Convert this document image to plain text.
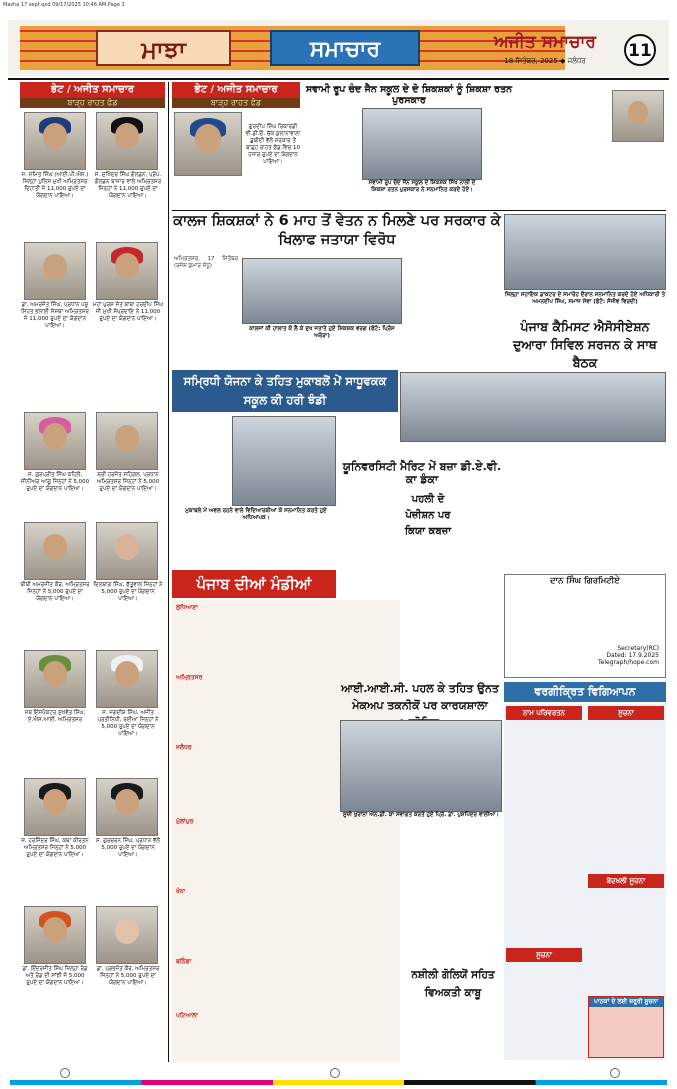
Mazha 17 sept.qxd 09/17/2025 10:46 AM Page 1
ਮਾਝਾ	ਸਮਾਚਾਰ	ਅਜੀਤ ਸਮਾਚਾਰ
18 ਸਿਤੰਬਰ, 2025 ◆ ਜਲੰਧਰ	11
ਭੇਟ / ਅਜੀਤ ਸਮਾਚਾਰ
ਬਾੜ੍ਹ ਰਾਹਤ ਫੰਡ
ਸ. ਸਮਿਤ ਸਿੰਘ (ਆਈ.ਪੀ.ਐਸ.) ਜ਼ਿਲ੍ਹਾ ਪੁਲਿਸ ਮੁਖੀ ਅਮ੍ਰਿਤਸਰ ਦਿਹਾਤੀ ਜੋ 11,000 ਰੁਪਏ ਦਾ ਯੋਗਦਾਨ ਪਾਇਆ।
ਸ. ਸੁਖਿੰਦਰ ਸਿੰਘ ਗੋਲਡਨ, ਪ੍ਰੋਪ. ਗੋਲਡਨ ਬਾਜ਼ਾਰ ਵਾਲੇ ਅਮ੍ਰਿਤਸਰ ਜਿਨ੍ਹਾਂ ਨੇ 11,000 ਰੁਪਏ ਦਾ ਯੋਗਦਾਨ ਪਾਇਆ।
ਡਾ. ਅਮਰਜੋਤ ਸਿੰਘ, ਪ੍ਰਧਾਨ ਪਸ਼ੂ ਸਿਹਤ ਭਲਾਈ ਸੰਸਥਾ ਅਮ੍ਰਿਤਸਰ ਜੋ 11,000 ਰੁਪਏ ਦਾ ਯੋਗਦਾਨ ਪਾਇਆ।
ਮਹਾਂ ਪੁਰਸ਼ ਸੰਤ ਬਾਬਾ ਹਰਦੀਪ ਸਿੰਘ ਜੀ ਮੁਖੀ ਸੰਪ੍ਰਦਾਇ ਨੇ 11,000 ਰੁਪਏ ਦਾ ਯੋਗਦਾਨ ਪਾਇਆ।
ਸ. ਗੁਰਪ੍ਰੀਤ ਸਿੰਘ ਕਹਿਲੋਂ, ਸੀਨੀਅਰ ਆਗੂ ਜਿਨ੍ਹਾਂ ਨੇ 5,000 ਰੁਪਏ ਦਾ ਯੋਗਦਾਨ ਪਾਇਆ।
ਸ਼੍ਰੀ ਹਰਜੋਤ ਸਹਿਗਲ, ਪ੍ਰਧਾਨ ਅਮ੍ਰਿਤਸਰ ਜਿਨ੍ਹਾਂ ਨੇ 5,000 ਰੁਪਏ ਦਾ ਯੋਗਦਾਨ ਪਾਇਆ।
ਬੀਬੀ ਅਮਰਜੀਤ ਕੌਰ, ਅਮ੍ਰਿਤਸਰ ਜਿਨ੍ਹਾਂ ਨੇ 5,000 ਰੁਪਏ ਦਾ ਯੋਗਦਾਨ ਪਾਇਆ।
ਦਿਲਬਾਗ ਸਿੰਘ, ਫੱਤੂਵਾਲ ਜਿਨ੍ਹਾਂ ਨੇ 5,000 ਰੁਪਏ ਦਾ ਯੋਗਦਾਨ ਪਾਇਆ।
ਸਬ ਇੰਸਪੈਕਟਰ ਸੁਖਵੰਤ ਸਿੰਘ, ਏ.ਐਸ.ਆਈ. ਅਮ੍ਰਿਤਸਰ
ਸ. ਜਗਦੀਸ਼ ਸਿੰਘ, ਅਜੀਤ ਪ੍ਰਤੀਨਿਧੀ, ਰਈਆ ਜਿਨ੍ਹਾਂ ਨੇ 5,000 ਰੁਪਏ ਦਾ ਯੋਗਦਾਨ ਪਾਇਆ।
ਸ. ਹਰਜਿੰਦਰ ਸਿੰਘ, ਕਥਾ ਕੀਰਤਨ ਅਮ੍ਰਿਤਸਰ ਜਿਨ੍ਹਾਂ ਨੇ 5,000 ਰੁਪਏ ਦਾ ਯੋਗਦਾਨ ਪਾਇਆ।
ਸ. ਗੁਰਚਰਨ ਸਿੰਘ, ਪ੍ਰਧਾਨ ਵੱਲੋਂ 5,000 ਰੁਪਏ ਦਾ ਯੋਗਦਾਨ ਪਾਇਆ।
ਡਾ. ਇੰਦਰਜੀਤ ਸਿੰਘ ਜ਼ਿਲ੍ਹਾ ਰੋਡ ਅਤੇ ਰੋਡ ਦੀ ਸਾਂਝੀ ਜੋ 5,000 ਰੁਪਏ ਦਾ ਯੋਗਦਾਨ ਪਾਇਆ।
ਡਾ. ਪ੍ਰਭਜੋਤ ਕੌਰ, ਅਮ੍ਰਿਤਸਰ ਜਿਨ੍ਹਾਂ ਨੇ 5,000 ਰੁਪਏ ਦਾ ਯੋਗਦਾਨ ਪਾਇਆ।
ਭੇਟ / ਅਜੀਤ ਸਮਾਚਾਰ
ਬਾੜ੍ਹ ਰਾਹਤ ਫੰਡ
ਗੁਰਦੀਪ ਸਿੰਘ ਰਿਕਾਰਡੀ ਵੀ.ਡੀ.ਓ. ਚੱਕ ਕੁਲਾਨਾਵਾਲਾ ਡੁਬੀਦੀ ਵੱਲੋਂ ਸਰਕਾਰ ਤੋਂ ਬਾਡ਼੍ਹ ਰਾਹਤ ਫੰਡ ਵਿਚ 10 ਹਜ਼ਾਰ ਰੁਪਏ ਦਾ ਯੋਗਦਾਨ ਪਾਇਆ।
ਸਵਾਮੀ ਰੂਪ ਚੰਦ ਜੈਨ ਸਕੂਲ ਦੇ ਦੋ ਸ਼ਿਕਸ਼ਕਾਂ ਨੂੰ ਸ਼ਿਕਸ਼ਾ ਰਤਨ ਪੁਰਸਕਾਰ
ਸਵਾਮੀ ਰੂਪ ਚੰਦ ਜੈਨ ਸਕੂਲ ਦੇ ਸ਼ਿਕਸ਼ਕ ਸਿੱਖ ਨਾਲੀ ਦੇ ਸ਼ਿਕਸ਼ਾ ਰਤਨ ਪੁਰਸਕਾਰ ਨੇ ਸਨਮਾਨਿਤ ਕਰਦੇ ਹੋਏ।
ਕਾਲਜ ਸ਼ਿਕਸ਼ਕਾਂ ਨੇ 6 ਮਾਹ ਤੋਂ ਵੇਤਨ ਨ ਮਿਲਣੇ ਪਰ ਸਰਕਾਰ ਕੇ ਖਿਲਾਫ ਜਤਾਯਾ ਵਿਰੋਧ
ਅਮ੍ਰਿਤਸਰ, 17 ਸਿਤੰਬਰ (ਰਜੇਸ਼ ਕੁਮਾਰ ਸੰਧੂ)
ਕਾਲਜਾਂ ਕੀ ਹਾਲਾਤ ਕੋ ਲੈ ਕੇ ਦੁਖ ਜਤਾਤੇ ਹੁਏ ਸ਼ਿਕਸ਼ਕ ਵਰਗ (ਫੋਟੋ: ਪ੍ਰਿੰਸ ਅਰੋੜਾ)
ਜ਼ਿਲ੍ਹਾ ਸਹਾਇਕ ਡਾਕਟਰ ਦੇ ਸਮਾਰੋਹ ਦੌਰਾਨ ਸਨਮਾਨਿਤ ਕਰਦੇ ਹੋਏ ਅਧਿਕਾਰੀ ਤੇ ਅਮਨਦੀਪ ਸਿੰਘ, ਸਮਾਜ ਸੇਵਾ (ਫੋਟੋ: ਸੰਜੀਵ ਵਿਰਦੀ)
ਪੰਜਾਬ ਕੈਮਿਸਟ ਐਸੋਸੀਏਸ਼ਨ ਦੁਆਰਾ ਸਿਵਿਲ ਸਰਜਨ ਕੇ ਸਾਥ ਬੈਠਕ
ਸਮ੍ਰਿਧੀ ਯੋਜਨਾ ਕੇ ਤਹਿਤ ਮੁਕਾਬਲੋਂ ਮੇਂ ਸਾਧੂਵਕਕ ਸਕੂਲ ਕੀ ਹਰੀ ਝੰਡੀ
ਮੁਕਾਬਲੇ ਮੇਂ ਅਵਲ ਰਹਨੇ ਵਾਲੇ ਵਿਦਿਆਰਥੀਆਂ ਕੋ ਸਨਮਾਨਿਤ ਕਰਤੇ ਹੁਏ ਅਧਿਆਪਕ।
ਯੂਨਿਵਰਸਿਟੀ ਮੈਰਿਟ ਮੇਂ ਬਜ਼ਾ ਡੀ.ਏ.ਵੀ. ਕਾ ਡੰਕਾ
ਪਹਲੀ ਦੋ ਪੋਜ਼ੀਸ਼ਨ ਪਰ ਕਿਯਾ ਕਬਜ਼ਾ
ਦਾਨ ਸਿੰਘ ਗਿਰਮਿਟੀਏ
Secretary(RC)
Dated: 17.9.2025
Telegraph/hope.com
ਪੰਜਾਬ ਦੀਆਂ ਮੰਡੀਆਂ
ਲੁਧਿਆਣਾ
ਅਮ੍ਰਿਤਸਰ
ਜਲੰਧਰ
ਮੁੱਲਾਂਪੁਰ
ਖੰਨਾ
ਬਠਿੰਡਾ
ਪਟਿਆਲਾ
ਆਈ.ਆਈ.ਸੀ. ਪਹਲ ਕੇ ਤਹਿਤ ਉਨਤ ਮੇਕਅਪ ਤਕਨੀਕੋਂ ਪਰ ਕਾਰਯਸ਼ਾਲਾ
ਸੂਜ਼ੀ ਖੁਰਾਨਾ ਐਨ.ਡੀ. ਕਾ ਸਵਾਗਤ ਕਰਤੇ ਹੁਏ ਪ੍ਰਿੰ. ਡਾ. ਪੁਸ਼ਪਿੰਦਰ ਵਾਲੀਆ।
ਨਸ਼ੀਲੀ ਗੋਲਿਯੋਂ ਸਹਿਤ ਵਿਅਕਤੀ ਕਾਬੂ
ਵਰਗੀਕ੍ਰਿਤ ਵਿਗਿਆਪਨ
ਨਾਮ ਪਰਿਵਰਤਨ	ਸੂਚਨਾ
ਬੇਦਖਲੀ ਸੂਚਨਾ
ਸੂਚਨਾ
ਪਾਠਕਾਂ ਦੇ ਲਈ ਜ਼ਰੂਰੀ ਸੂਚਨਾ
